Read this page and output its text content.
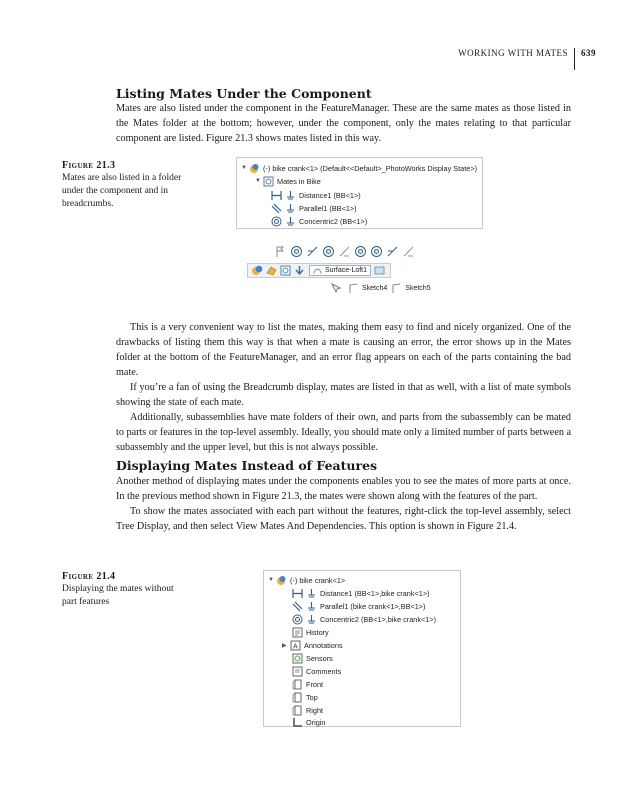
WORKING WITH MATES	639
Listing Mates Under the Component

Mates are also listed under the component in the FeatureManager. These are the same mates as those listed in the Mates folder at the bottom; however, under the component, only the mates relating to that particular component are listed. Figure 21.3 shows mates listed in this way.

Figure 21.3
Mates are also listed in a folder under the component and in breadcrumbs.
▼ (-) bike crank<1> (Default<<Default>_PhotoWorks Display State>)
▼ Mates in Bike
Distance1 (BB<1>)
Parallel1 (BB<1>)
Concentric2 (BB<1>)

Surface-Loft1
Sketch4	Sketch5

This is a very convenient way to list the mates, making them easy to find and nicely organized. One of the drawbacks of listing them this way is that when a mate is causing an error, the error shows up in the Mates folder at the bottom of the FeatureManager, and an error flag appears on each of the parts containing the bad mate.

If you’re a fan of using the Breadcrumb display, mates are listed in that as well, with a list of mate symbols showing the state of each mate.

Additionally, subassemblies have mate folders of their own, and parts from the subassembly can be mated to parts or features in the top-level assembly. Ideally, you should mate only a limited number of parts between a subassembly and the upper level, but this is not always possible.

Displaying Mates Instead of Features

Another method of displaying mates under the components enables you to see the mates of more parts at once. In the previous method shown in Figure 21.3, the mates were shown along with the features of the part.

To show the mates associated with each part without the features, right-click the top-level assembly, select Tree Display, and then select View Mates And Dependencies. This option is shown in Figure 21.4.

Figure 21.4
Displaying the mates without part features
▼ (-) bike crank<1>
Distance1 (BB<1>,bike crank<1>)
Parallel1 (bike crank<1>,BB<1>)
Concentric2 (BB<1>,bike crank<1>)
History
▶ A Annotations
Sensors
Comments
Front
Top
Right
Origin
